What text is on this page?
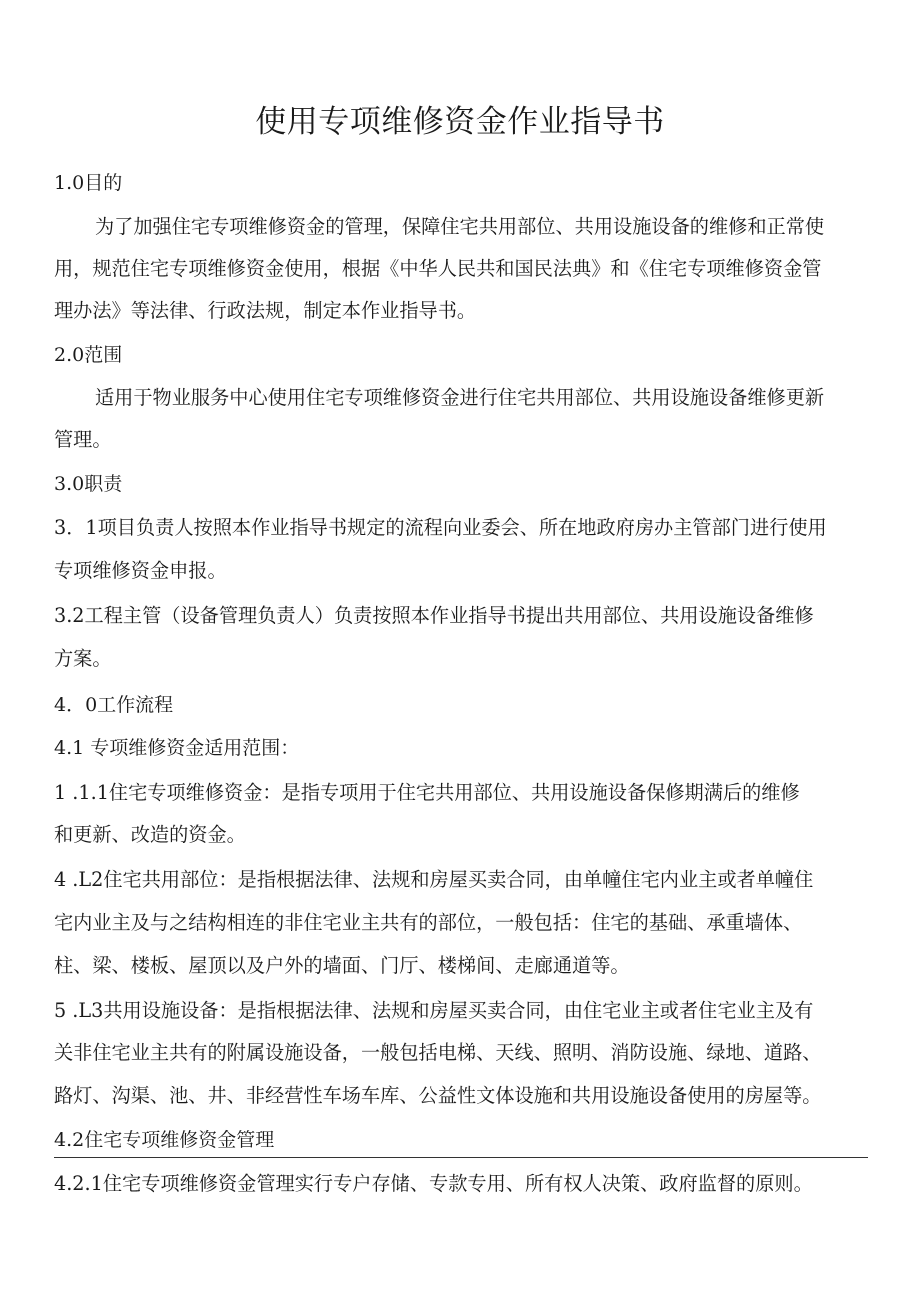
使用专项维修资金作业指导书
1.0目的
为了加强住宅专项维修资金的管理，保障住宅共用部位、共用设施设备的维修和正常使
用，规范住宅专项维修资金使用，根据《中华人民共和国民法典》和《住宅专项维修资金管
理办法》等法律、行政法规，制定本作业指导书。
2.0范围
适用于物业服务中心使用住宅专项维修资金进行住宅共用部位、共用设施设备维修更新
管理。
3.0职责
3．1项目负责人按照本作业指导书规定的流程向业委会、所在地政府房办主管部门进行使用
专项维修资金申报。
3.2工程主管（设备管理负责人）负责按照本作业指导书提出共用部位、共用设施设备维修
方案。
4．0工作流程
4.1 专项维修资金适用范围：
1 .1.1住宅专项维修资金：是指专项用于住宅共用部位、共用设施设备保修期满后的维修
和更新、改造的资金。
4 .L2住宅共用部位：是指根据法律、法规和房屋买卖合同，由单幢住宅内业主或者单幢住
宅内业主及与之结构相连的非住宅业主共有的部位，一般包括：住宅的基础、承重墙体、
柱、梁、楼板、屋顶以及户外的墙面、门厅、楼梯间、走廊通道等。
5 .L3共用设施设备：是指根据法律、法规和房屋买卖合同，由住宅业主或者住宅业主及有
关非住宅业主共有的附属设施设备，一般包括电梯、天线、照明、消防设施、绿地、道路、
路灯、沟渠、池、井、非经营性车场车库、公益性文体设施和共用设施设备使用的房屋等。
4.2住宅专项维修资金管理
4.2.1住宅专项维修资金管理实行专户存储、专款专用、所有权人决策、政府监督的原则。
